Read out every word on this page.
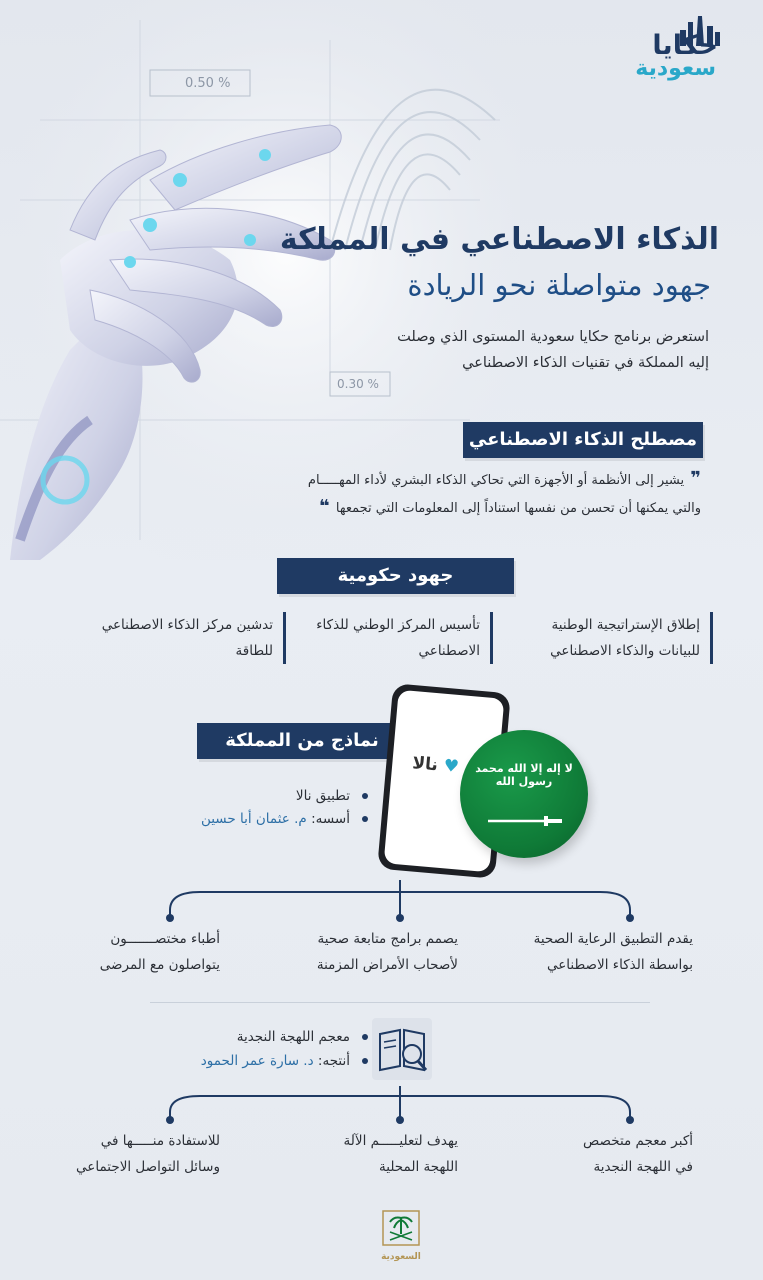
0.50 %
0.30 %
حكايا
سعودية
الذكاء الاصطناعي في المملكة
جهود متواصلة نحو الريادة
استعرض برنامج حكايا سعودية المستوى الذي وصلت
إليه المملكة في تقنيات الذكاء الاصطناعي
مصطلح الذكاء الاصطناعي
❞ يشير إلى الأنظمة أو الأجهزة التي تحاكي الذكاء البشري لأداء المهـــــام
والتي يمكنها أن تحسن من نفسها استناداً إلى المعلومات التي تجمعها ❝
جهود حكومية
إطلاق الإستراتيجية الوطنية
للبيانات والذكاء الاصطناعي
تأسيس المركز الوطني للذكاء
الاصطناعي
تدشين مركز الذكاء الاصطناعي
للطاقة
نماذج من المملكة
♥ نالا	لا إله إلا الله محمد رسول الله
تطبيق نالا
أسسه: م. عثمان أبا حسين
يقدم التطبيق الرعاية الصحية
بواسطة الذكاء الاصطناعي
يصمم برامج متابعة صحية
لأصحاب الأمراض المزمنة
أطباء مختصـــــــون
يتواصلون مع المرضى
معجم اللهجة النجدية
أنتجه: د. سارة عمر الحمود
أكبر معجم متخصص
في اللهجة النجدية
يهدف لتعليـــــم الآلة
اللهجة المحلية
للاستفادة منـــــها في
وسائل التواصل الاجتماعي
السعودية
